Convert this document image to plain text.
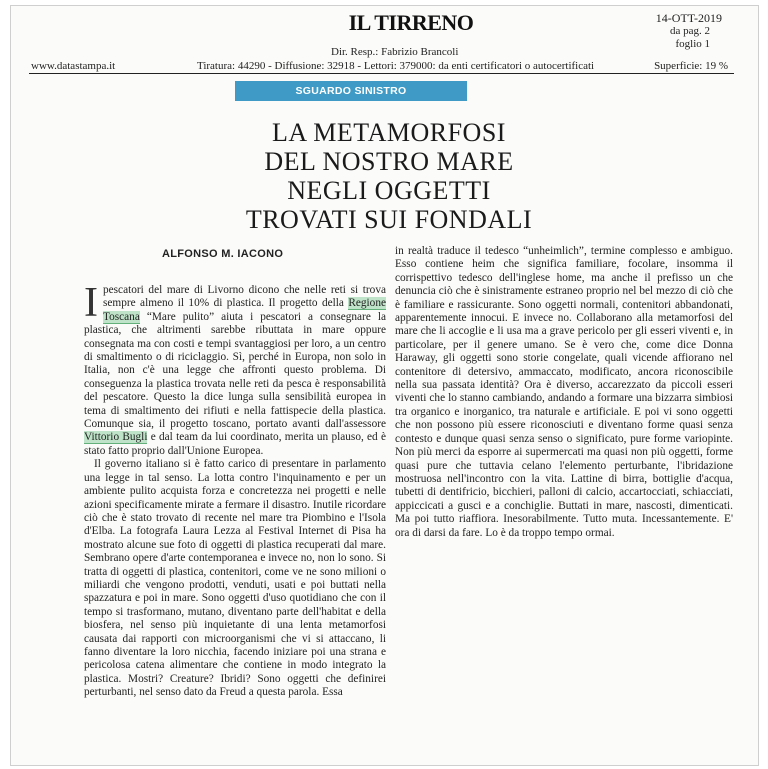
IL TIRRENO	14-OTT-2019
da pag. 2
foglio 1
Dir. Resp.: Fabrizio Brancoli
www.datastampa.it	Tiratura: 44290 - Diffusione: 32918 - Lettori: 379000: da enti certificatori o autocertificati	Superficie: 19 %
SGUARDO SINISTRO
LA METAMORFOSI
DEL NOSTRO MARE
NEGLI OGGETTI
TROVATI SUI FONDALI
ALFONSO M. IACONO

Ipescatori del mare di Livorno dicono che nelle reti si trova sempre almeno il 10% di plastica. Il progetto della Regione Toscana “Mare pulito” aiuta i pescatori a consegnare la plastica, che altrimenti sarebbe ributtata in mare oppure consegnata ma con costi e tempi svantaggiosi per loro, a un centro di smaltimento o di riciclaggio. Sì, perché in Europa, non solo in Italia, non c'è una legge che affronti questo problema. Di conseguenza la plastica trovata nelle reti da pesca è responsabilità del pescatore. Questo la dice lunga sulla sensibilità europea in tema di smaltimento dei rifiuti e nella fattispecie della plastica. Comunque sia, il progetto toscano, portato avanti dall'assessore Vittorio Bugli e dal team da lui coordinato, merita un plauso, ed è stato fatto proprio dall'Unione Europea.

Il governo italiano si è fatto carico di presentare in parlamento una legge in tal senso. La lotta contro l'inquinamento e per un ambiente pulito acquista forza e concretezza nei progetti e nelle azioni specificamente mirate a fermare il disastro. Inutile ricordare ciò che è stato trovato di recente nel mare tra Piombino e l'Isola d'Elba. La fotografa Laura Lezza al Festival Internet di Pisa ha mostrato alcune sue foto di oggetti di plastica recuperati dal mare. Sembrano opere d'arte contemporanea e invece no, non lo sono. Si tratta di oggetti di plastica, contenitori, come ve ne sono milioni o miliardi che vengono prodotti, venduti, usati e poi buttati nella spazzatura e poi in mare. Sono oggetti d'uso quotidiano che con il tempo si trasformano, mutano, diventano parte dell'habitat e della biosfera, nel senso più inquietante di una lenta metamorfosi causata dai rapporti con microorganismi che vi si attaccano, li fanno diventare la loro nicchia, facendo iniziare poi una strana e pericolosa catena alimentare che contiene in modo integrato la plastica. Mostri? Creature? Ibridi? Sono oggetti che definirei perturbanti, nel senso dato da Freud a questa parola. Essa

in realtà traduce il tedesco “unheimlich”, termine complesso e ambiguo. Esso contiene heim che significa familiare, focolare, insomma il corrispettivo tedesco dell'inglese home, ma anche il prefisso un che denuncia ciò che è sinistramente estraneo proprio nel bel mezzo di ciò che è familiare e rassicurante. Sono oggetti normali, contenitori abbandonati, apparentemente innocui. E invece no. Collaborano alla metamorfosi del mare che li accoglie e li usa ma a grave pericolo per gli esseri viventi e, in particolare, per il genere umano. Se è vero che, come dice Donna Haraway, gli oggetti sono storie congelate, quali vicende affiorano nel contenitore di detersivo, ammaccato, modificato, ancora riconoscibile nella sua passata identità? Ora è diverso, accarezzato da piccoli esseri viventi che lo stanno cambiando, andando a formare una bizzarra simbiosi tra organico e inorganico, tra naturale e artificiale. E poi vi sono oggetti che non possono più essere riconosciuti e diventano forme quasi senza contesto e dunque quasi senza senso o significato, pure forme variopinte. Non più merci da esporre ai supermercati ma quasi non più oggetti, forme quasi pure che tuttavia celano l'elemento perturbante, l'ibridazione mostruosa nell'incontro con la vita. Lattine di birra, bottiglie d'acqua, tubetti di dentifricio, bicchieri, palloni di calcio, accartocciati, schiacciati, appiccicati a gusci e a conchiglie. Buttati in mare, nascosti, dimenticati. Ma poi tutto riaffiora. Inesorabilmente. Tutto muta. Incessantemente. E' ora di darsi da fare. Lo è da troppo tempo ormai.
